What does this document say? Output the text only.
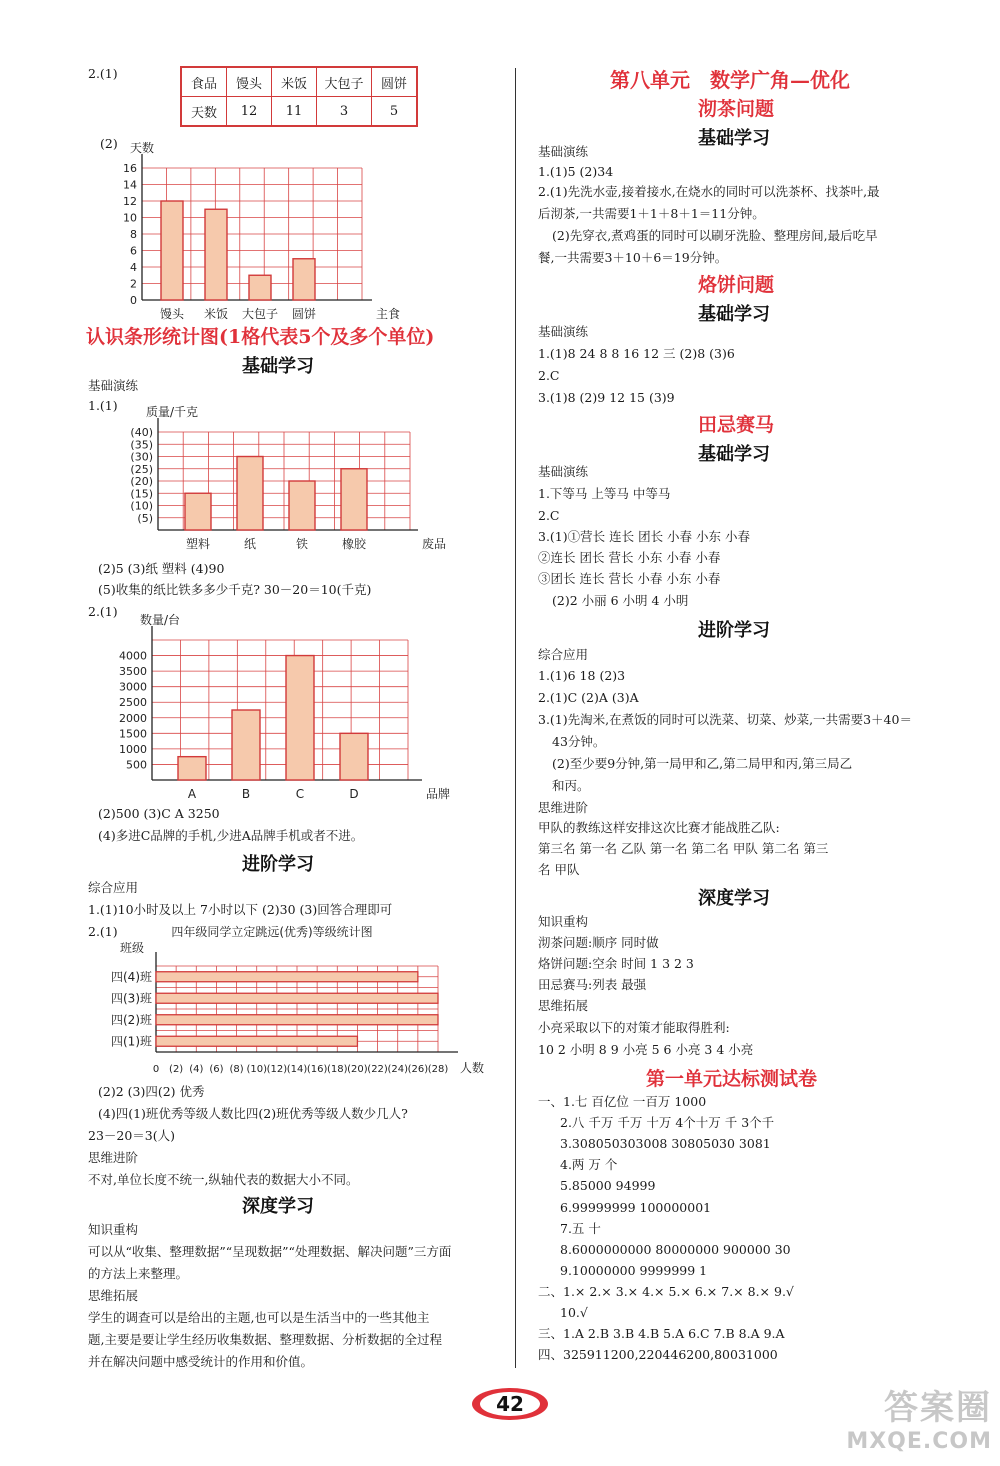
2.(1)
食品	馒头	米饭	大包子	圆饼
天数	12	11	3	5
(2)
0
2
4
6
8
10
12
14
16
天数
主食
馒头 米饭 大包子 圆饼
认识条形统计图(1格代表5个及多个单位)
基础学习
基础演练
1.(1)
(5)
(10)
(15)
(20)
(25)
(30)
(35)
(40)
质量/千克
废品
塑料	纸	铁	橡胶
(2)5 (3)纸 塑料 (4)90
(5)收集的纸比铁多多少千克? 30－20＝10(千克)
2.(1)
500
1000
1500
2000
2500
3000
3500
4000
数量/台
品牌
A	B	C	D
(2)500 (3)C A 3250
(4)多进C品牌的手机,少进A品牌手机或者不进。
进阶学习
综合应用
1.(1)10小时及以上 7小时以下 (2)30 (3)回答合理即可
2.(1)	四年级同学立定跳远(优秀)等级统计图
班级
人数
0 (2) (4) (6) (8) (10) (12) (14) (16) (18) (20) (22) (24) (26) (28)
四(4)班
四(3)班
四(2)班
四(1)班
(2)2 (3)四(2) 优秀
(4)四(1)班优秀等级人数比四(2)班优秀等级人数少几人?
23－20＝3(人)
思维进阶
不对,单位长度不统一,纵轴代表的数据大小不同。
深度学习
知识重构
可以从“收集、整理数据”“呈现数据”“处理数据、解决问题”三方面
的方法上来整理。
思维拓展
学生的调查可以是给出的主题,也可以是生活当中的一些其他主
题,主要是要让学生经历收集数据、整理数据、分析数据的全过程
并在解决问题中感受统计的作用和价值。
第八单元　数学广角—优化
沏茶问题
基础学习
基础演练
1.(1)5 (2)34
2.(1)先洗水壶,接着接水,在烧水的同时可以洗茶杯、找茶叶,最
后沏茶,一共需要1＋1＋8＋1＝11分钟。
(2)先穿衣,煮鸡蛋的同时可以刷牙洗脸、整理房间,最后吃早
餐,一共需要3＋10＋6＝19分钟。
烙饼问题
基础学习
基础演练
1.(1)8 24 8 8 16 12 三 (2)8 (3)6
2.C
3.(1)8 (2)9 12 15 (3)9
田忌赛马
基础学习
基础演练
1.下等马 上等马 中等马
2.C
3.(1)①营长 连长 团长 小春 小东 小春
②连长 团长 营长 小东 小春 小春
③团长 连长 营长 小春 小东 小春
(2)2 小丽 6 小明 4 小明
进阶学习
综合应用
1.(1)6 18 (2)3
2.(1)C (2)A (3)A
3.(1)先淘米,在煮饭的同时可以洗菜、切菜、炒菜,一共需要3＋40＝
43分钟。
(2)至少要9分钟,第一局甲和乙,第二局甲和丙,第三局乙
和丙。
思维进阶
甲队的教练这样安排这次比赛才能战胜乙队:
第三名 第一名 乙队 第一名 第二名 甲队 第二名 第三
名 甲队
深度学习
知识重构
沏茶问题:顺序 同时做
烙饼问题:空余 时间 1 3 2 3
田忌赛马:列表 最强
思维拓展
小亮采取以下的对策才能取得胜利:
10 2 小明 8 9 小亮 5 6 小亮 3 4 小亮
第一单元达标测试卷
一、1.七 百亿位 一百万 1000
2.八 千万 千万 十万 4个十万 千 3个千
3.308050303008 30805030 3081
4.两 万 个
5.85000 94999
6.99999999 100000001
7.五 十
8.6000000000 80000000 900000 30
9.10000000 9999999 1
二、1.× 2.× 3.× 4.× 5.× 6.× 7.× 8.× 9.√
10.√
三、1.A 2.B 3.B 4.B 5.A 6.C 7.B 8.A 9.A
四、325911200,220446200,80031000
42	答案圈
MXQE.COM
